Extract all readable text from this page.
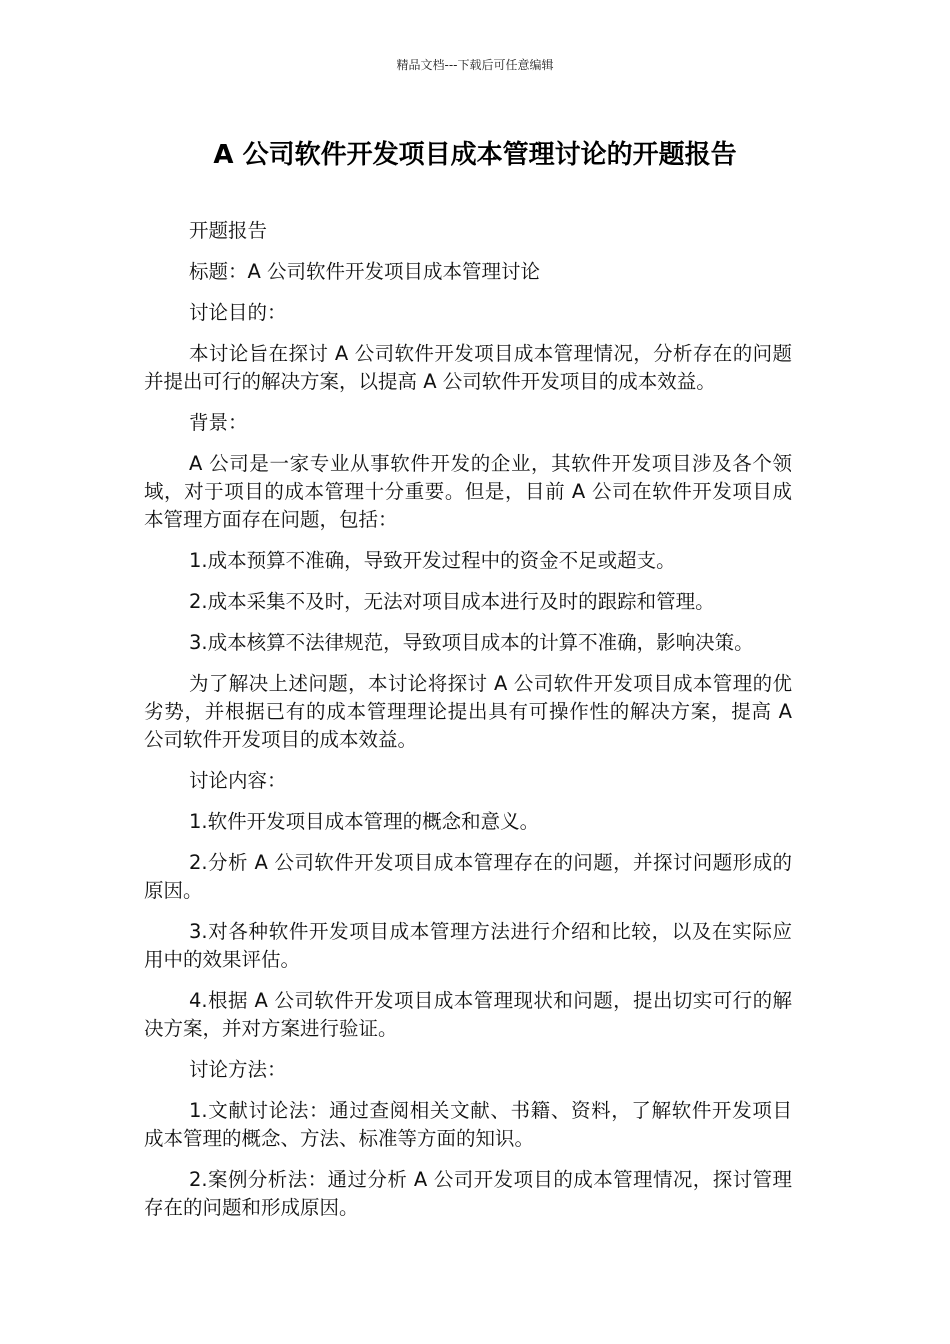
精品文档---下载后可任意编辑
A 公司软件开发项目成本管理讨论的开题报告

开题报告

标题：A 公司软件开发项目成本管理讨论

讨论目的：

本讨论旨在探讨 A 公司软件开发项目成本管理情况，分析存在的问题并提出可行的解决方案，以提高 A 公司软件开发项目的成本效益。

背景：

A 公司是一家专业从事软件开发的企业，其软件开发项目涉及各个领域，对于项目的成本管理十分重要。但是，目前 A 公司在软件开发项目成本管理方面存在问题，包括：

1.成本预算不准确，导致开发过程中的资金不足或超支。

2.成本采集不及时，无法对项目成本进行及时的跟踪和管理。

3.成本核算不法律规范，导致项目成本的计算不准确，影响决策。

为了解决上述问题，本讨论将探讨 A 公司软件开发项目成本管理的优劣势，并根据已有的成本管理理论提出具有可操作性的解决方案，提高 A 公司软件开发项目的成本效益。

讨论内容：

1.软件开发项目成本管理的概念和意义。

2.分析 A 公司软件开发项目成本管理存在的问题，并探讨问题形成的原因。

3.对各种软件开发项目成本管理方法进行介绍和比较，以及在实际应用中的效果评估。

4.根据 A 公司软件开发项目成本管理现状和问题，提出切实可行的解决方案，并对方案进行验证。

讨论方法：

1.文献讨论法：通过查阅相关文献、书籍、资料，了解软件开发项目成本管理的概念、方法、标准等方面的知识。

2.案例分析法：通过分析 A 公司开发项目的成本管理情况，探讨管理存在的问题和形成原因。
